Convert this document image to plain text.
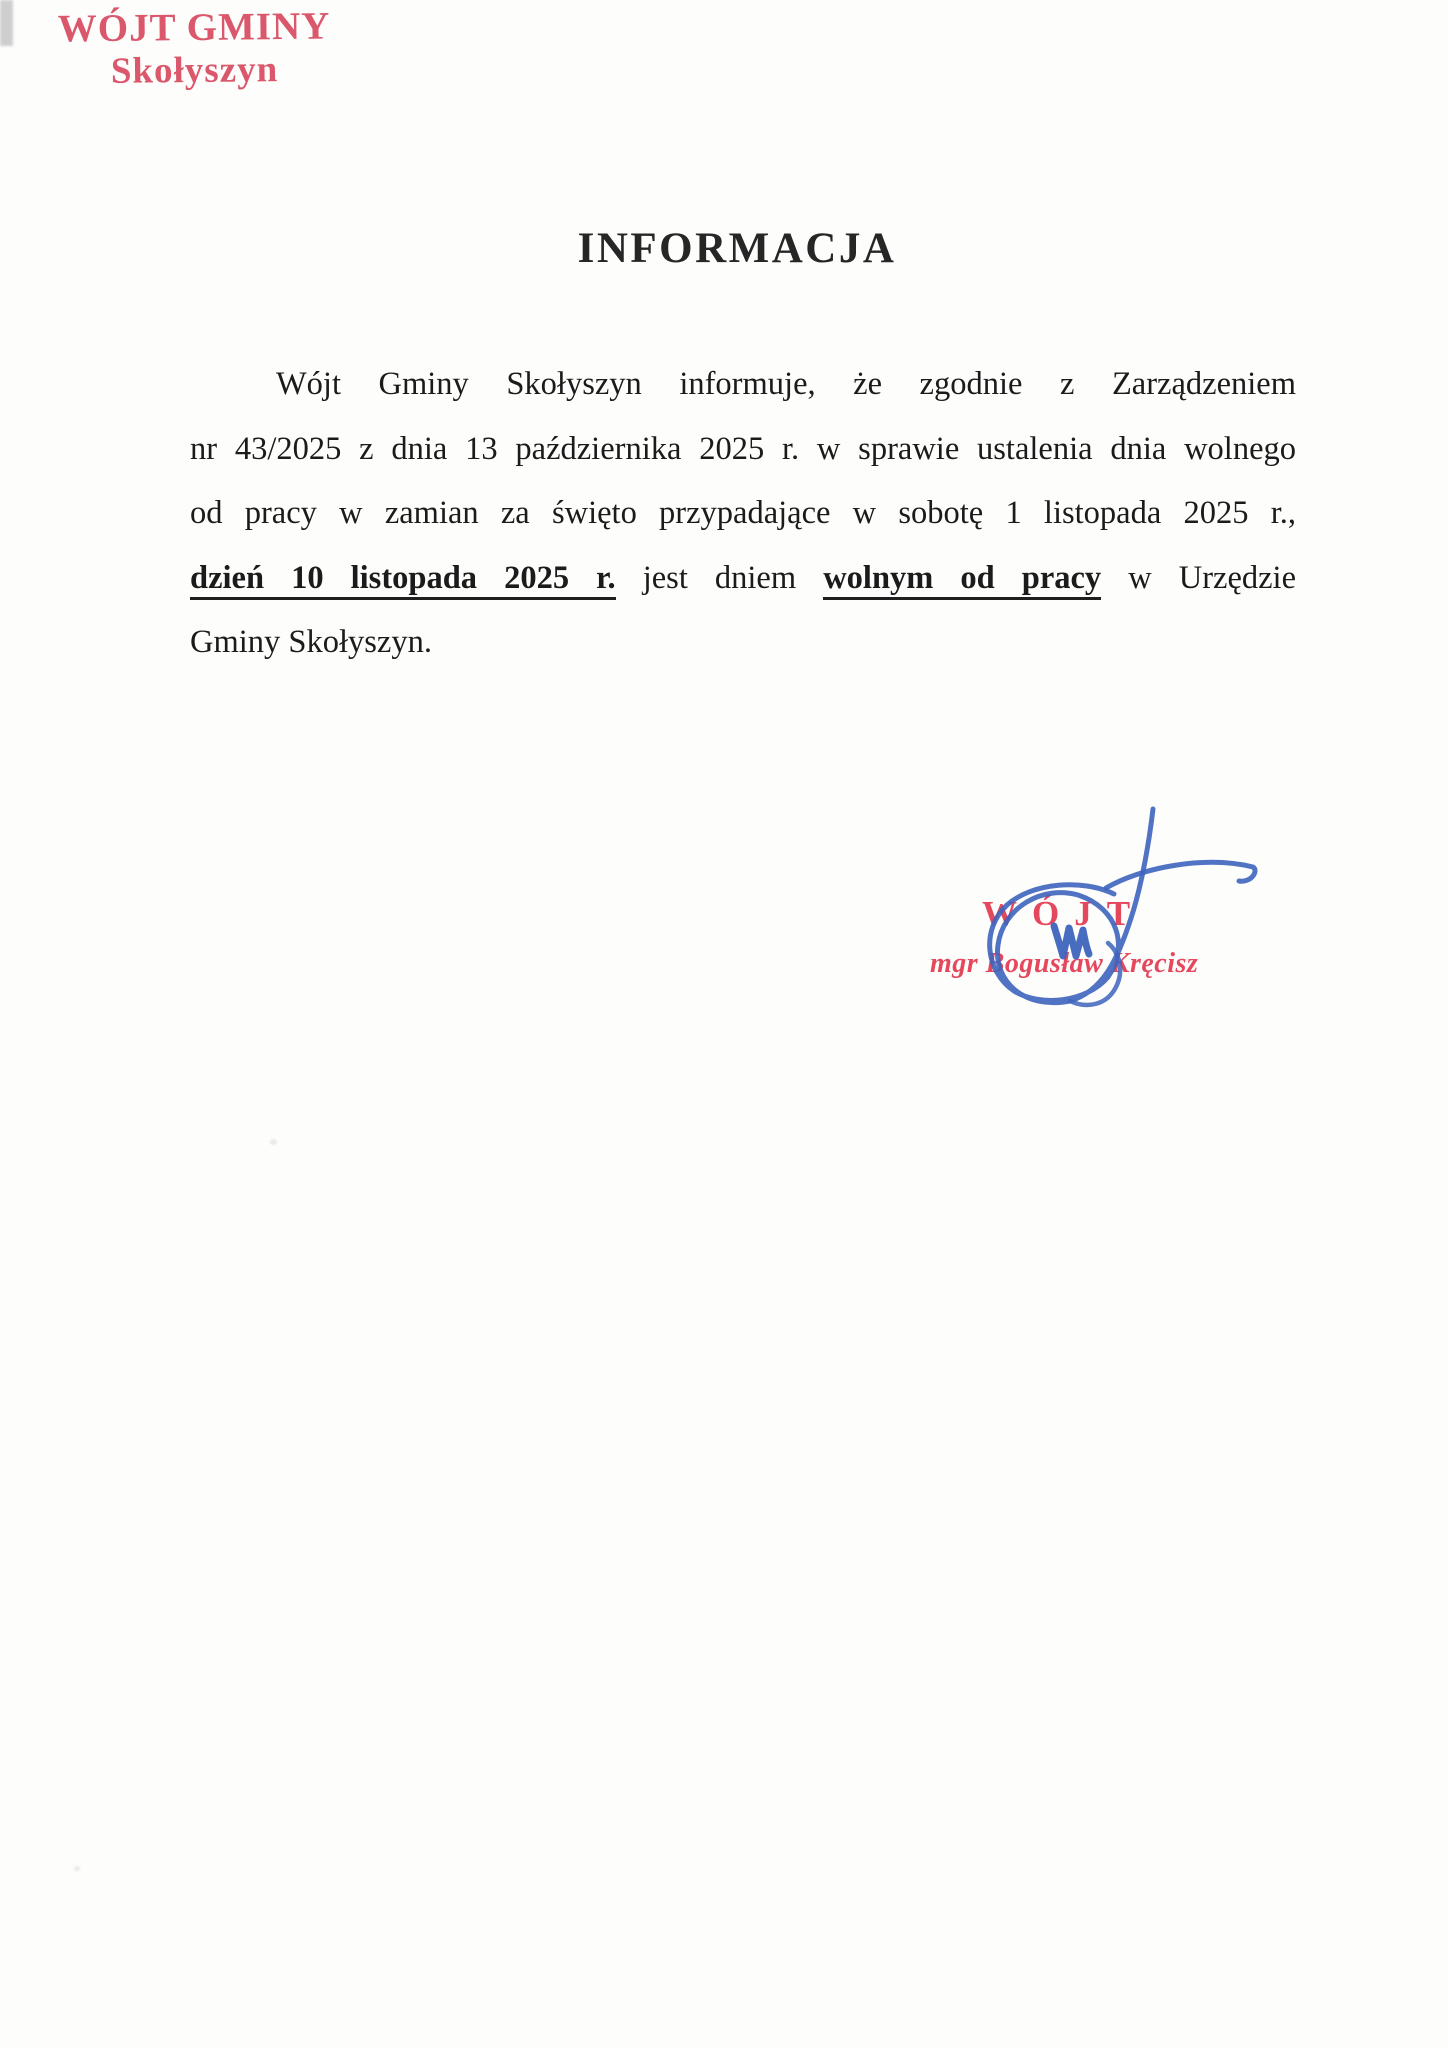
WÓJT GMINY
Skołyszyn
INFORMACJA
Wójt Gminy Skołyszyn informuje, że zgodnie z Zarządzeniem
nr 43/2025 z dnia 13 października 2025 r. w sprawie ustalenia dnia wolnego
od pracy w zamian za święto przypadające w sobotę 1 listopada 2025 r.,
dzień 10 listopada 2025 r. jest dniem wolnym od pracy w Urzędzie
Gminy Skołyszyn.
WÓJT
mgr Bogusław Kręcisz
